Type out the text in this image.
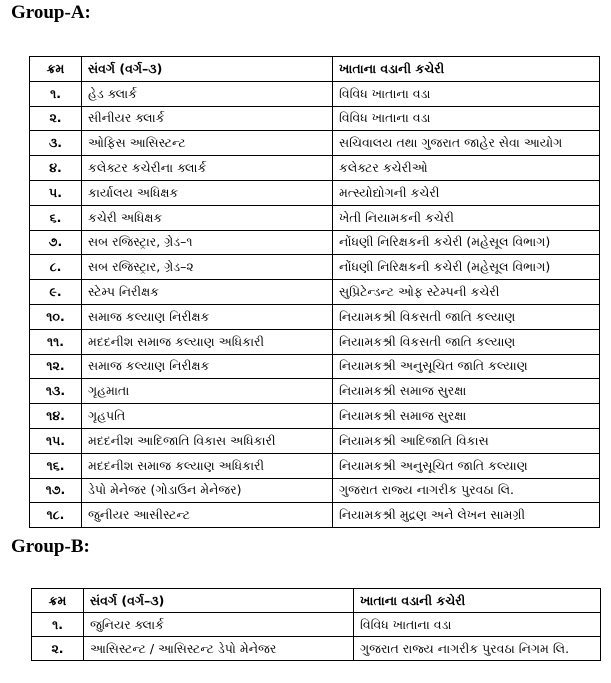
Group-A:
ક્રમ	સંવર્ગ (વર્ગ–૩)	ખાતાના વડાની કચેરી
૧.	હેડ ક્લાર્ક	વિવિધ ખાતાના વડા
૨.	સીનીયર ક્લાર્ક	વિવિધ ખાતાના વડા
૩.	ઓફિસ આસિસ્ટન્ટ	સચિવાલય તથા ગુજરાત જાહેર સેવા આયોગ
૪.	કલેક્ટર કચેરીના ક્લાર્ક	કલેક્ટર કચેરીઓ
૫.	કાર્યાલય અધિક્ષક	મત્સ્યોદ્યોગની કચેરી
૬.	કચેરી અધિક્ષક	ખેતી નિયામકની કચેરી
૭.	સબ રજિસ્ટ્રાર, ગ્રેડ–૧	નોંધણી નિરિક્ષકની કચેરી (મહેસૂલ વિભાગ)
૮.	સબ રજિસ્ટ્રાર, ગ્રેડ–૨	નોંધણી નિરિક્ષકની કચેરી (મહેસૂલ વિભાગ)
૯.	સ્ટેમ્પ નિરીક્ષક	સુપ્રિટેન્ડન્ટ ઓફ સ્ટેમ્પની કચેરી
૧૦.	સમાજ કલ્યાણ નિરીક્ષક	નિયામકશ્રી વિકસતી જાતિ કલ્યાણ
૧૧.	મદદનીશ સમાજ કલ્યાણ અધિકારી	નિયામકશ્રી વિકસતી જાતિ કલ્યાણ
૧૨.	સમાજ કલ્યાણ નિરીક્ષક	નિયામકશ્રી અનુસૂચિત જાતિ કલ્યાણ
૧૩.	ગૃહમાતા	નિયામકશ્રી સમાજ સુરક્ષા
૧૪.	ગૃહપતિ	નિયામકશ્રી સમાજ સુરક્ષા
૧૫.	મદદનીશ આદિજાતિ વિકાસ અધિકારી	નિયામકશ્રી આદિજાતિ વિકાસ
૧૬.	મદદનીશ સમાજ કલ્યાણ અધિકારી	નિયામકશ્રી અનુસૂચિત જાતિ કલ્યાણ
૧૭.	ડેપો મેનેજર (ગોડાઉન મેનેજર)	ગુજરાત રાજ્ય નાગરીક પુરવઠા લિ.
૧૮.	જુનીયર આસીસ્ટન્ટ	નિયામકશ્રી મુદ્રણ અને લેખન સામગ્રી
Group-B:
ક્રમ	સંવર્ગ (વર્ગ–૩)	ખાતાના વડાની કચેરી
૧.	જુનિયર ક્લાર્ક	વિવિધ ખાતાના વડા
૨.	આસિસ્ટન્ટ / આસિસ્ટન્ટ ડેપો મેનેજર	ગુજરાત રાજ્ય નાગરીક પુરવઠા નિગમ લિ.
